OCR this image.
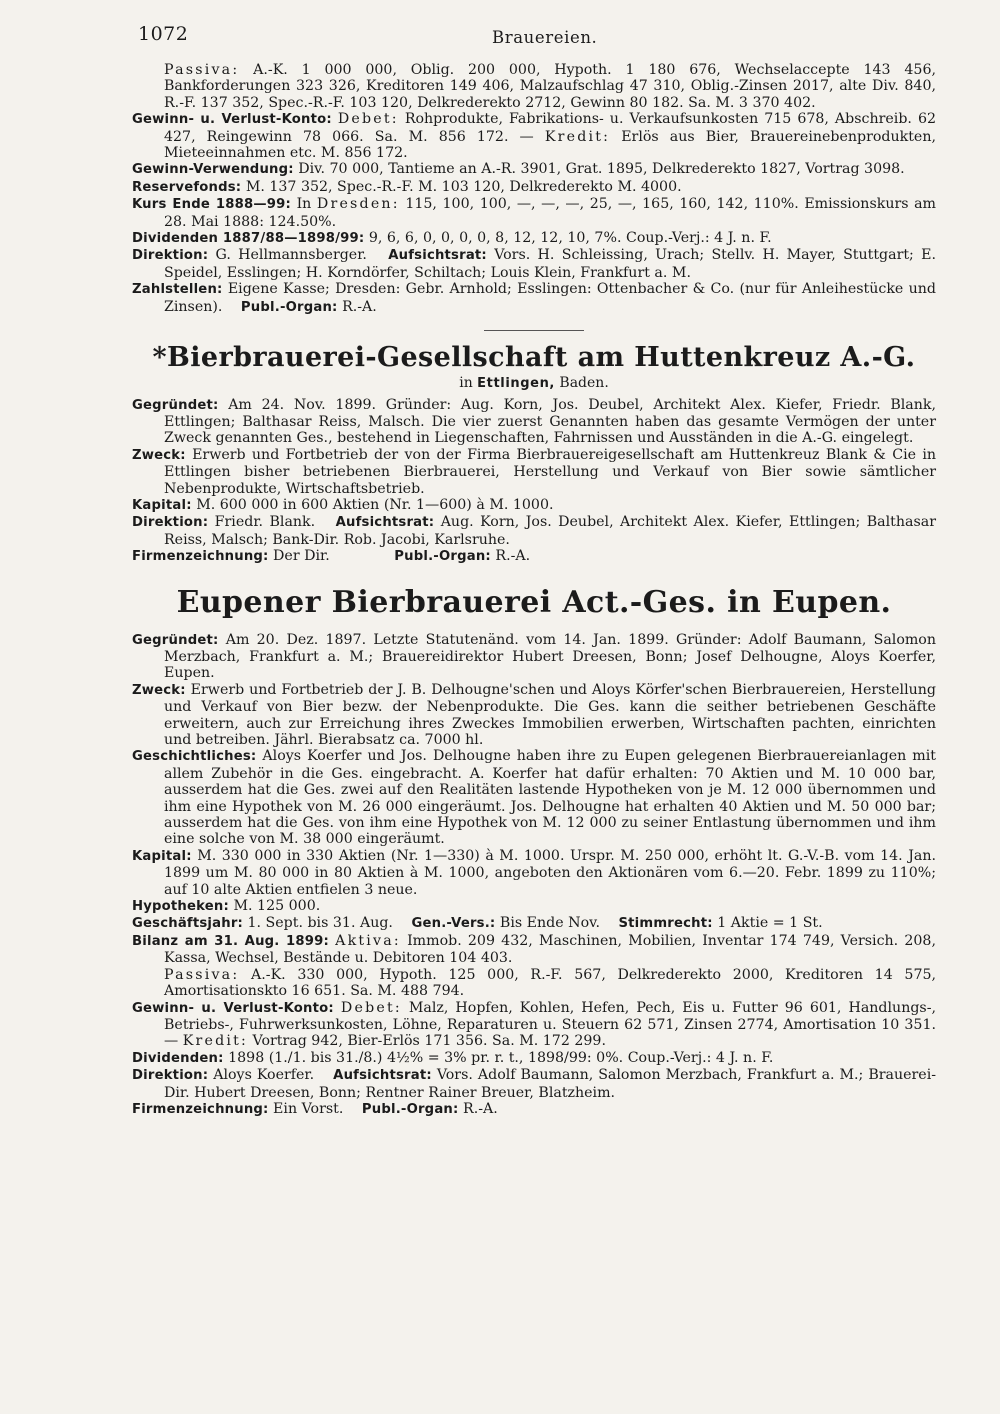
1072	Brauereien.

Passiva: A.-K. 1 000 000, Oblig. 200 000, Hypoth. 1 180 676, Wechselaccepte 143 456, Bankforderungen 323 326, Kreditoren 149 406, Malzaufschlag 47 310, Oblig.-Zinsen 2017, alte Div. 840, R.-F. 137 352, Spec.-R.-F. 103 120, Delkrederekto 2712, Gewinn 80 182. Sa. M. 3 370 402.

Gewinn- u. Verlust-Konto: Debet: Rohprodukte, Fabrikations- u. Verkaufsunkosten 715 678, Abschreib. 62 427, Reingewinn 78 066. Sa. M. 856 172. — Kredit: Erlös aus Bier, Brauereinebenprodukten, Mieteeinnahmen etc. M. 856 172.

Gewinn-Verwendung: Div. 70 000, Tantieme an A.-R. 3901, Grat. 1895, Delkrederekto 1827, Vortrag 3098.

Reservefonds: M. 137 352, Spec.-R.-F. M. 103 120, Delkrederekto M. 4000.

Kurs Ende 1888—99: In Dresden: 115, 100, 100, —, —, —, 25, —, 165, 160, 142, 110%. Emissionskurs am 28. Mai 1888: 124.50%.

Dividenden 1887/88—1898/99: 9, 6, 6, 0, 0, 0, 0, 8, 12, 12, 10, 7%. Coup.-Verj.: 4 J. n. F.

Direktion: G. Hellmannsberger. Aufsichtsrat: Vors. H. Schleissing, Urach; Stellv. H. Mayer, Stuttgart; E. Speidel, Esslingen; H. Korndörfer, Schiltach; Louis Klein, Frankfurt a. M.

Zahlstellen: Eigene Kasse; Dresden: Gebr. Arnhold; Esslingen: Ottenbacher & Co. (nur für Anleihestücke und Zinsen). Publ.-Organ: R.-A.

*Bierbrauerei-Gesellschaft am Huttenkreuz A.-G.
in Ettlingen, Baden.

Gegründet: Am 24. Nov. 1899. Gründer: Aug. Korn, Jos. Deubel, Architekt Alex. Kiefer, Friedr. Blank, Ettlingen; Balthasar Reiss, Malsch. Die vier zuerst Genannten haben das gesamte Vermögen der unter Zweck genannten Ges., bestehend in Liegenschaften, Fahrnissen und Ausständen in die A.-G. eingelegt.

Zweck: Erwerb und Fortbetrieb der von der Firma Bierbrauereigesellschaft am Huttenkreuz Blank & Cie in Ettlingen bisher betriebenen Bierbrauerei, Herstellung und Verkauf von Bier sowie sämtlicher Nebenprodukte, Wirtschaftsbetrieb.

Kapital: M. 600 000 in 600 Aktien (Nr. 1—600) à M. 1000.

Direktion: Friedr. Blank. Aufsichtsrat: Aug. Korn, Jos. Deubel, Architekt Alex. Kiefer, Ettlingen; Balthasar Reiss, Malsch; Bank-Dir. Rob. Jacobi, Karlsruhe.

Firmenzeichnung: Der Dir.	Publ.-Organ: R.-A.

Eupener Bierbrauerei Act.-Ges. in Eupen.

Gegründet: Am 20. Dez. 1897. Letzte Statutenänd. vom 14. Jan. 1899. Gründer: Adolf Baumann, Salomon Merzbach, Frankfurt a. M.; Brauereidirektor Hubert Dreesen, Bonn; Josef Delhougne, Aloys Koerfer, Eupen.

Zweck: Erwerb und Fortbetrieb der J. B. Delhougne'schen und Aloys Körfer'schen Bierbrauereien, Herstellung und Verkauf von Bier bezw. der Nebenprodukte. Die Ges. kann die seither betriebenen Geschäfte erweitern, auch zur Erreichung ihres Zweckes Immobilien erwerben, Wirtschaften pachten, einrichten und betreiben. Jährl. Bierabsatz ca. 7000 hl.

Geschichtliches: Aloys Koerfer und Jos. Delhougne haben ihre zu Eupen gelegenen Bierbrauereianlagen mit allem Zubehör in die Ges. eingebracht. A. Koerfer hat dafür erhalten: 70 Aktien und M. 10 000 bar, ausserdem hat die Ges. zwei auf den Realitäten lastende Hypotheken von je M. 12 000 übernommen und ihm eine Hypothek von M. 26 000 eingeräumt. Jos. Delhougne hat erhalten 40 Aktien und M. 50 000 bar; ausserdem hat die Ges. von ihm eine Hypothek von M. 12 000 zu seiner Entlastung übernommen und ihm eine solche von M. 38 000 eingeräumt.

Kapital: M. 330 000 in 330 Aktien (Nr. 1—330) à M. 1000. Urspr. M. 250 000, erhöht lt. G.-V.-B. vom 14. Jan. 1899 um M. 80 000 in 80 Aktien à M. 1000, angeboten den Aktionären vom 6.—20. Febr. 1899 zu 110%; auf 10 alte Aktien entfielen 3 neue.

Hypotheken: M. 125 000.

Geschäftsjahr: 1. Sept. bis 31. Aug. Gen.-Vers.: Bis Ende Nov. Stimmrecht: 1 Aktie = 1 St.

Bilanz am 31. Aug. 1899: Aktiva: Immob. 209 432, Maschinen, Mobilien, Inventar 174 749, Versich. 208, Kassa, Wechsel, Bestände u. Debitoren 104 403.

Passiva: A.-K. 330 000, Hypoth. 125 000, R.-F. 567, Delkrederekto 2000, Kreditoren 14 575, Amortisationskto 16 651. Sa. M. 488 794.

Gewinn- u. Verlust-Konto: Debet: Malz, Hopfen, Kohlen, Hefen, Pech, Eis u. Futter 96 601, Handlungs-, Betriebs-, Fuhrwerksunkosten, Löhne, Reparaturen u. Steuern 62 571, Zinsen 2774, Amortisation 10 351. — Kredit: Vortrag 942, Bier-Erlös 171 356. Sa. M. 172 299.

Dividenden: 1898 (1./1. bis 31./8.) 4½% = 3% pr. r. t., 1898/99: 0%. Coup.-Verj.: 4 J. n. F.

Direktion: Aloys Koerfer. Aufsichtsrat: Vors. Adolf Baumann, Salomon Merzbach, Frankfurt a. M.; Brauerei-Dir. Hubert Dreesen, Bonn; Rentner Rainer Breuer, Blatzheim.

Firmenzeichnung: Ein Vorst. Publ.-Organ: R.-A.
